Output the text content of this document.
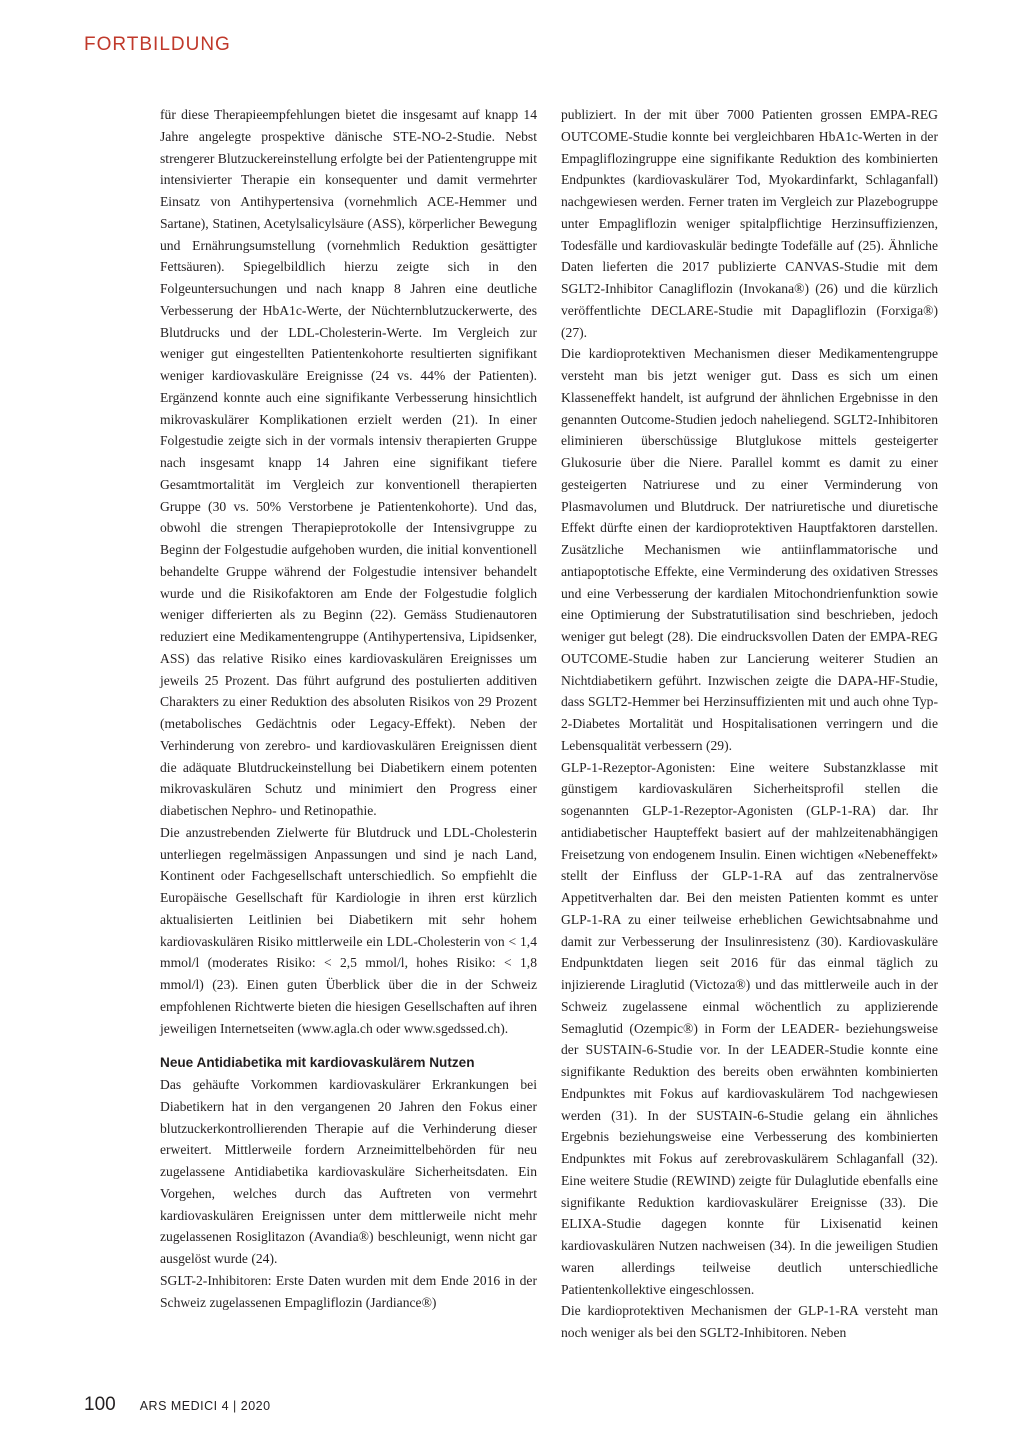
FORTBILDUNG

für diese Therapieempfehlungen bietet die insgesamt auf knapp 14 Jahre angelegte prospektive dänische STE-NO-2-Studie. Nebst strengerer Blutzuckereinstellung erfolgte bei der Patientengruppe mit intensivierter Therapie ein konsequenter und damit vermehrter Einsatz von Antihypertensiva (vornehmlich ACE-Hemmer und Sartane), Statinen, Acetylsalicylsäure (ASS), körperlicher Bewegung und Ernährungsumstellung (vornehmlich Reduktion gesättigter Fettsäuren). Spiegelbildlich hierzu zeigte sich in den Folgeuntersuchungen und nach knapp 8 Jahren eine deutliche Verbesserung der HbA1c-Werte, der Nüchternblutzuckerwerte, des Blutdrucks und der LDL-Cholesterin-Werte. Im Vergleich zur weniger gut eingestellten Patientenkohorte resultierten signifikant weniger kardiovaskuläre Ereignisse (24 vs. 44% der Patienten). Ergänzend konnte auch eine signifikante Verbesserung hinsichtlich mikrovaskulärer Komplikationen erzielt werden (21). In einer Folgestudie zeigte sich in der vormals intensiv therapierten Gruppe nach insgesamt knapp 14 Jahren eine signifikant tiefere Gesamtmortalität im Vergleich zur konventionell therapierten Gruppe (30 vs. 50% Verstorbene je Patientenkohorte). Und das, obwohl die strengen Therapieprotokolle der Intensivgruppe zu Beginn der Folgestudie aufgehoben wurden, die initial konventionell behandelte Gruppe während der Folgestudie intensiver behandelt wurde und die Risikofaktoren am Ende der Folgestudie folglich weniger differierten als zu Beginn (22). Gemäss Studienautoren reduziert eine Medikamentengruppe (Antihypertensiva, Lipidsenker, ASS) das relative Risiko eines kardiovaskulären Ereignisses um jeweils 25 Prozent. Das führt aufgrund des postulierten additiven Charakters zu einer Reduktion des absoluten Risikos von 29 Prozent (metabolisches Gedächtnis oder Legacy-Effekt). Neben der Verhinderung von zerebro- und kardiovaskulären Ereignissen dient die adäquate Blutdruckeinstellung bei Diabetikern einem potenten mikrovaskulären Schutz und minimiert den Progress einer diabetischen Nephro- und Retinopathie.

Die anzustrebenden Zielwerte für Blutdruck und LDL-Cholesterin unterliegen regelmässigen Anpassungen und sind je nach Land, Kontinent oder Fachgesellschaft unterschiedlich. So empfiehlt die Europäische Gesellschaft für Kardiologie in ihren erst kürzlich aktualisierten Leitlinien bei Diabetikern mit sehr hohem kardiovaskulären Risiko mittlerweile ein LDL-Cholesterin von < 1,4 mmol/l (moderates Risiko: < 2,5 mmol/l, hohes Risiko: < 1,8 mmol/l) (23). Einen guten Überblick über die in der Schweiz empfohlenen Richtwerte bieten die hiesigen Gesellschaften auf ihren jeweiligen Internetseiten (www.agla.ch oder www.sgedssed.ch).

Neue Antidiabetika mit kardiovaskulärem Nutzen

Das gehäufte Vorkommen kardiovaskulärer Erkrankungen bei Diabetikern hat in den vergangenen 20 Jahren den Fokus einer blutzuckerkontrollierenden Therapie auf die Verhinderung dieser erweitert. Mittlerweile fordern Arzneimittelbehörden für neu zugelassene Antidiabetika kardiovaskuläre Sicherheitsdaten. Ein Vorgehen, welches durch das Auftreten von vermehrt kardiovaskulären Ereignissen unter dem mittlerweile nicht mehr zugelassenen Rosiglitazon (Avandia®) beschleunigt, wenn nicht gar ausgelöst wurde (24).

SGLT-2-Inhibitoren: Erste Daten wurden mit dem Ende 2016 in der Schweiz zugelassenen Empagliflozin (Jardiance®)

publiziert. In der mit über 7000 Patienten grossen EMPA-REG OUTCOME-Studie konnte bei vergleichbaren HbA1c-Werten in der Empagliflozingruppe eine signifikante Reduktion des kombinierten Endpunktes (kardiovaskulärer Tod, Myokardinfarkt, Schlaganfall) nachgewiesen werden. Ferner traten im Vergleich zur Plazebogruppe unter Empagliflozin weniger spitalpflichtige Herzinsuffizienzen, Todesfälle und kardiovaskulär bedingte Todefälle auf (25). Ähnliche Daten lieferten die 2017 publizierte CANVAS-Studie mit dem SGLT2-Inhibitor Canagliflozin (Invokana®) (26) und die kürzlich veröffentlichte DECLARE-Studie mit Dapagliflozin (Forxiga®) (27).

Die kardioprotektiven Mechanismen dieser Medikamentengruppe versteht man bis jetzt weniger gut. Dass es sich um einen Klasseneffekt handelt, ist aufgrund der ähnlichen Ergebnisse in den genannten Outcome-Studien jedoch naheliegend. SGLT2-Inhibitoren eliminieren überschüssige Blutglukose mittels gesteigerter Glukosurie über die Niere. Parallel kommt es damit zu einer gesteigerten Natriurese und zu einer Verminderung von Plasmavolumen und Blutdruck. Der natriuretische und diuretische Effekt dürfte einen der kardioprotektiven Hauptfaktoren darstellen. Zusätzliche Mechanismen wie antiinflammatorische und antiapoptotische Effekte, eine Verminderung des oxidativen Stresses und eine Verbesserung der kardialen Mitochondrienfunktion sowie eine Optimierung der Substratutilisation sind beschrieben, jedoch weniger gut belegt (28). Die eindrucksvollen Daten der EMPA-REG OUTCOME-Studie haben zur Lancierung weiterer Studien an Nichtdiabetikern geführt. Inzwischen zeigte die DAPA-HF-Studie, dass SGLT2-Hemmer bei Herzinsuffizienten mit und auch ohne Typ-2-Diabetes Mortalität und Hospitalisationen verringern und die Lebensqualität verbessern (29).

GLP-1-Rezeptor-Agonisten: Eine weitere Substanzklasse mit günstigem kardiovaskulären Sicherheitsprofil stellen die sogenannten GLP-1-Rezeptor-Agonisten (GLP-1-RA) dar. Ihr antidiabetischer Haupteffekt basiert auf der mahlzeitenabhängigen Freisetzung von endogenem Insulin. Einen wichtigen «Nebeneffekt» stellt der Einfluss der GLP-1-RA auf das zentralnervöse Appetitverhalten dar. Bei den meisten Patienten kommt es unter GLP-1-RA zu einer teilweise erheblichen Gewichtsabnahme und damit zur Verbesserung der Insulinresistenz (30). Kardiovaskuläre Endpunktdaten liegen seit 2016 für das einmal täglich zu injizierende Liraglutid (Victoza®) und das mittlerweile auch in der Schweiz zugelassene einmal wöchentlich zu applizierende Semaglutid (Ozempic®) in Form der LEADER- beziehungsweise der SUSTAIN-6-Studie vor. In der LEADER-Studie konnte eine signifikante Reduktion des bereits oben erwähnten kombinierten Endpunktes mit Fokus auf kardiovaskulärem Tod nachgewiesen werden (31). In der SUSTAIN-6-Studie gelang ein ähnliches Ergebnis beziehungsweise eine Verbesserung des kombinierten Endpunktes mit Fokus auf zerebrovaskulärem Schlaganfall (32). Eine weitere Studie (REWIND) zeigte für Dulaglutide ebenfalls eine signifikante Reduktion kardiovaskulärer Ereignisse (33). Die ELIXA-Studie dagegen konnte für Lixisenatid keinen kardiovaskulären Nutzen nachweisen (34). In die jeweiligen Studien waren allerdings teilweise deutlich unterschiedliche Patientenkollektive eingeschlossen.

Die kardioprotektiven Mechanismen der GLP-1-RA versteht man noch weniger als bei den SGLT2-Inhibitoren. Neben

100 ARS MEDICI 4 | 2020
